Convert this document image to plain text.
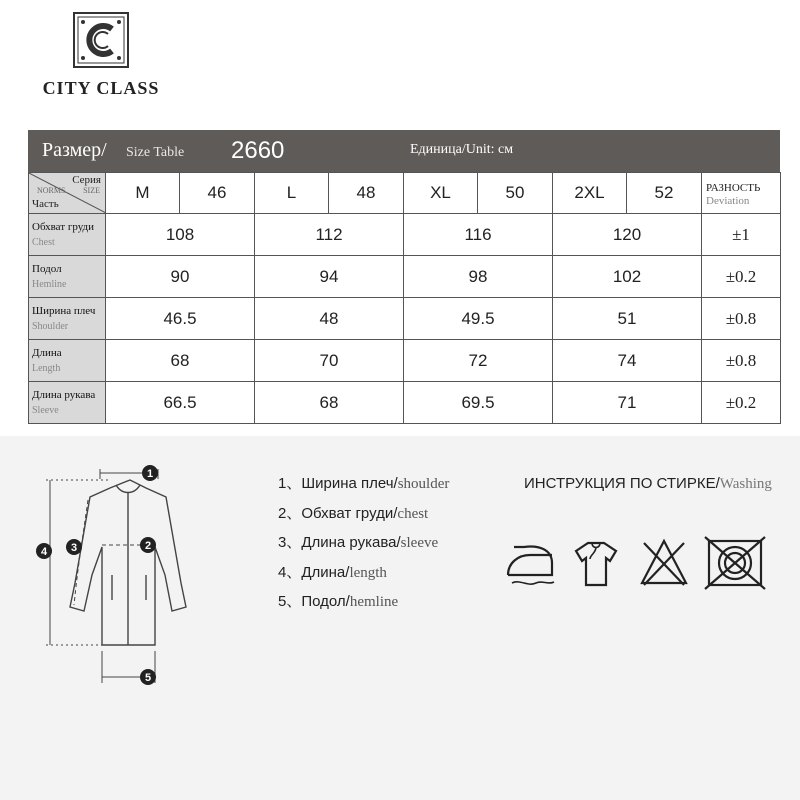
CITY CLASS
Размер/ Size Table 2660	Единица/Unit: см
Серия
NORMS SIZE
Часть	M	46	L	48	XL	50	2XL	52	РАЗНОСТЬ
Deviation

Обхват груди
Chest	108		112		116		120		±1

Подол
Hemline	90		94		98		102		±0.2

Ширина плеч
Shoulder	46.5		48		49.5		51		±0.8

Длина
Length	68		70		72		74		±0.8

Длина рукава
Sleeve	66.5		68		69.5		71		±0.2
1
2
3
4
5
1、Ширина плеч/shoulder
2、Обхват груди/chest
3、Длина рукава/sleeve
4、Длина/length
5、Подол/hemline
ИНСТРУКЦИЯ ПО СТИРКЕ/Washing
